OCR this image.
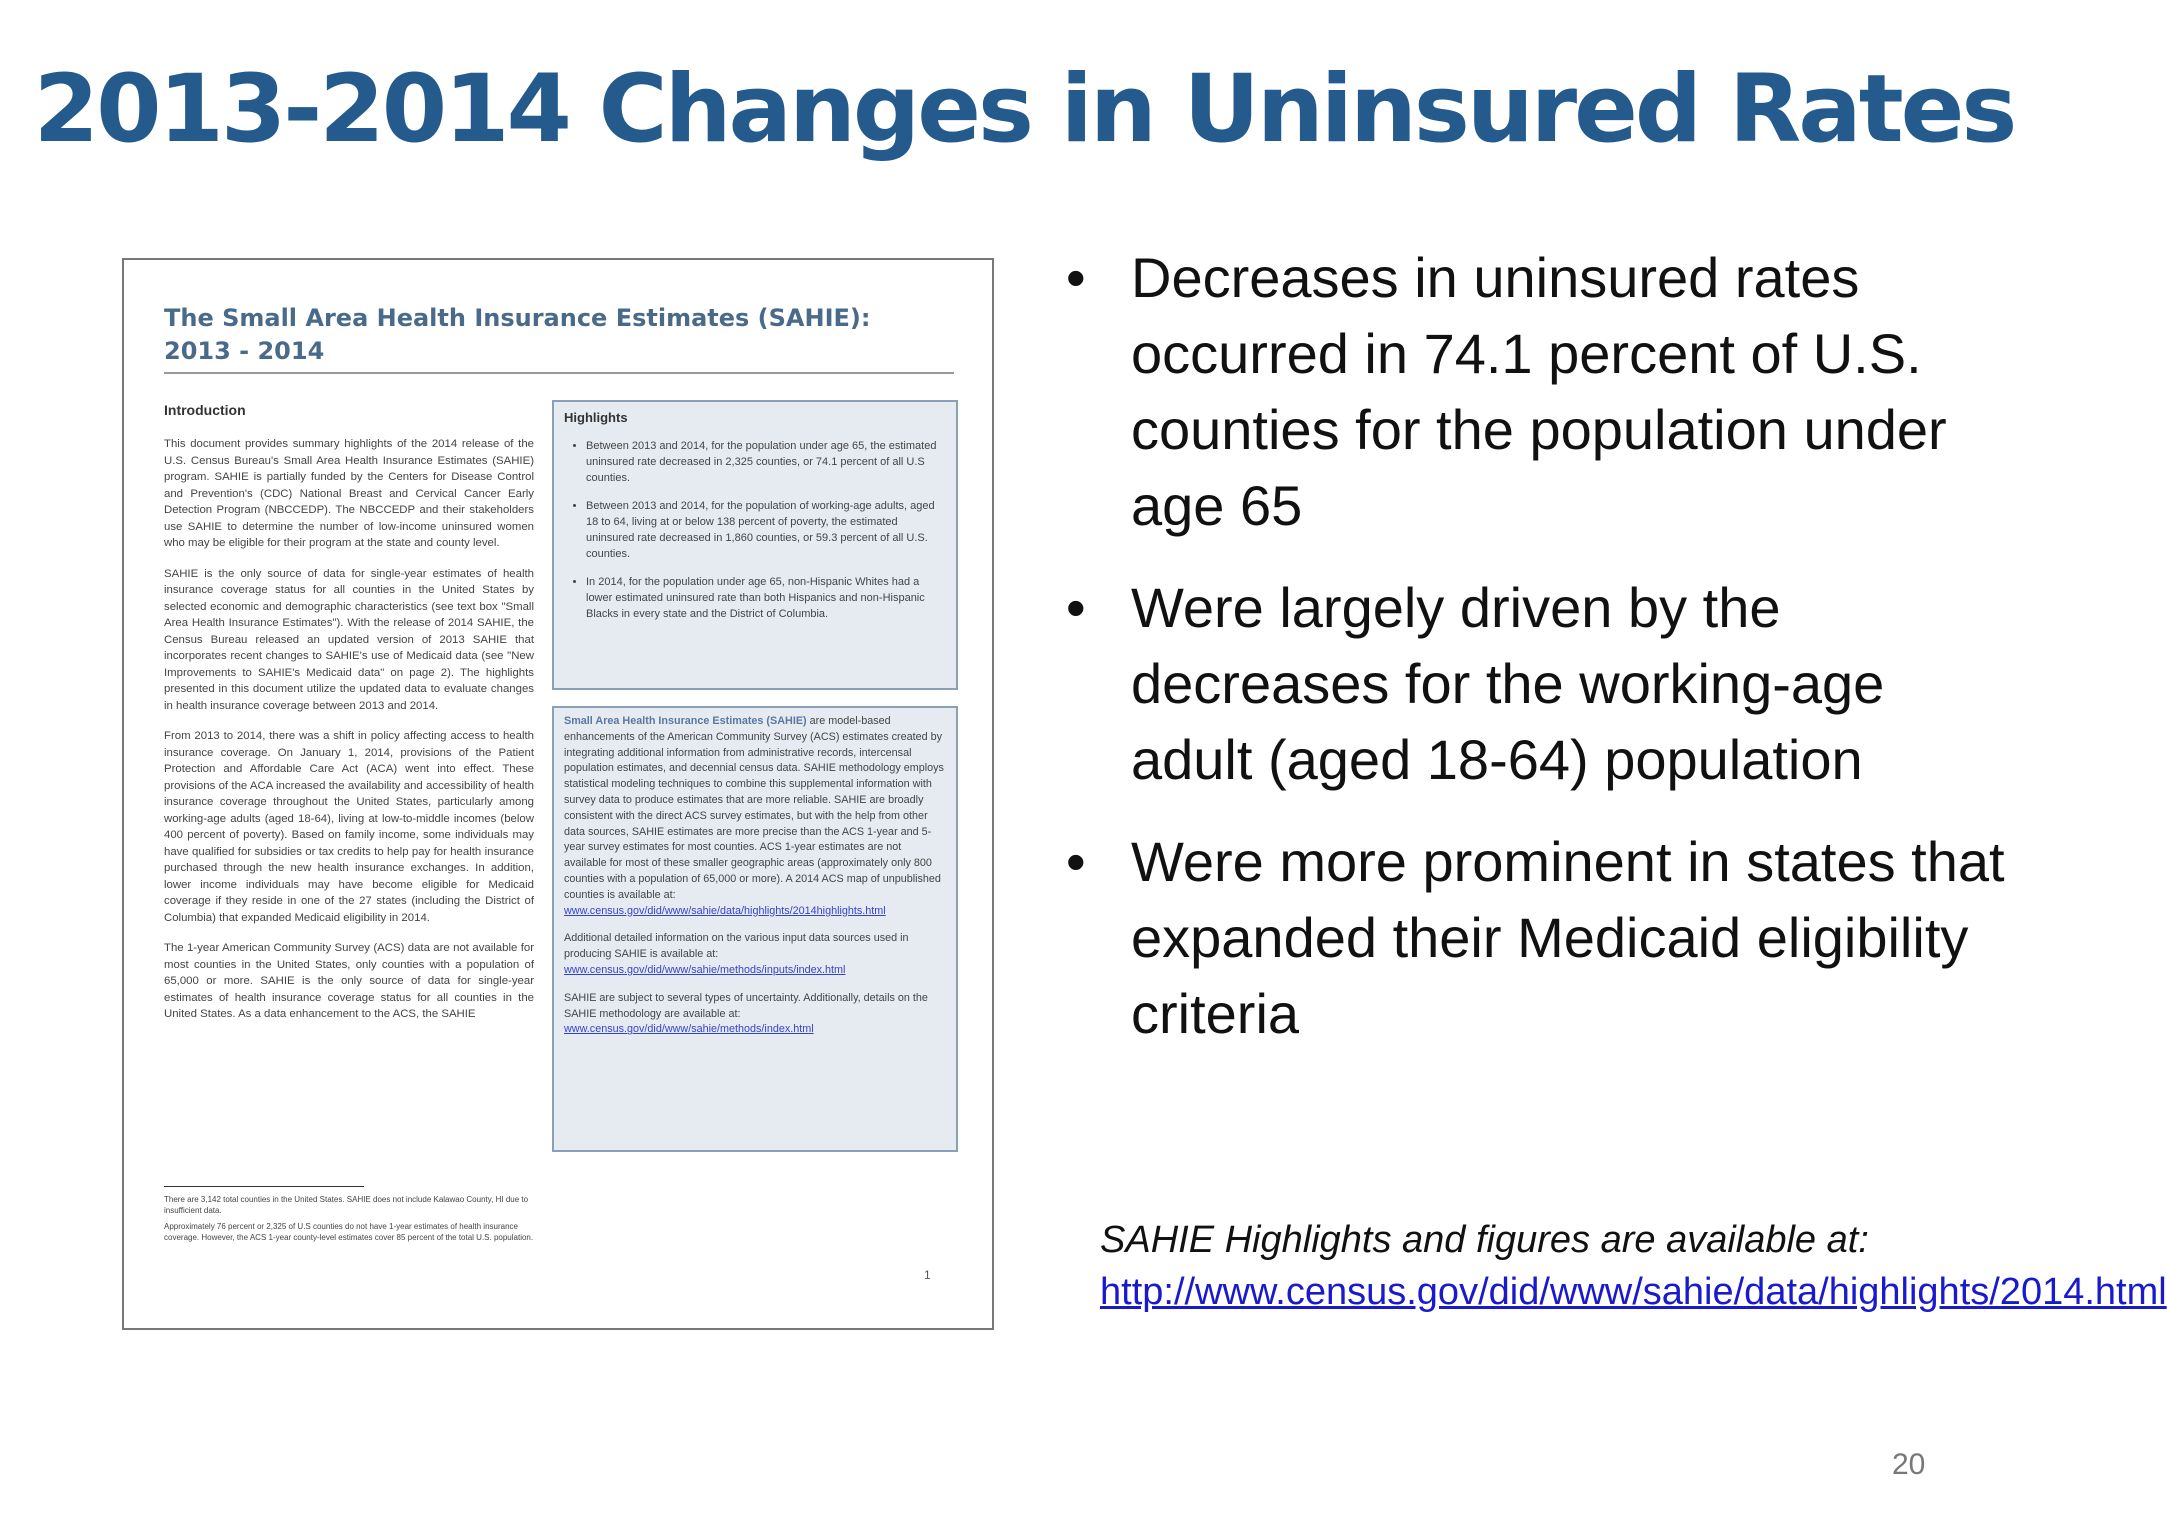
2013-2014 Changes in Uninsured Rates
The Small Area Health Insurance Estimates (SAHIE):
2013 - 2014
Introduction

This document provides summary highlights of the 2014 release of the U.S. Census Bureau's Small Area Health Insurance Estimates (SAHIE) program. SAHIE is partially funded by the Centers for Disease Control and Prevention's (CDC) National Breast and Cervical Cancer Early Detection Program (NBCCEDP). The NBCCEDP and their stakeholders use SAHIE to determine the number of low-income uninsured women who may be eligible for their program at the state and county level.

SAHIE is the only source of data for single-year estimates of health insurance coverage status for all counties in the United States by selected economic and demographic characteristics (see text box "Small Area Health Insurance Estimates"). With the release of 2014 SAHIE, the Census Bureau released an updated version of 2013 SAHIE that incorporates recent changes to SAHIE's use of Medicaid data (see "New Improvements to SAHIE's Medicaid data" on page 2). The highlights presented in this document utilize the updated data to evaluate changes in health insurance coverage between 2013 and 2014.

From 2013 to 2014, there was a shift in policy affecting access to health insurance coverage. On January 1, 2014, provisions of the Patient Protection and Affordable Care Act (ACA) went into effect. These provisions of the ACA increased the availability and accessibility of health insurance coverage throughout the United States, particularly among working-age adults (aged 18-64), living at low-to-middle incomes (below 400 percent of poverty). Based on family income, some individuals may have qualified for subsidies or tax credits to help pay for health insurance purchased through the new health insurance exchanges. In addition, lower income individuals may have become eligible for Medicaid coverage if they reside in one of the 27 states (including the District of Columbia) that expanded Medicaid eligibility in 2014.

The 1-year American Community Survey (ACS) data are not available for most counties in the United States, only counties with a population of 65,000 or more. SAHIE is the only source of data for single-year estimates of health insurance coverage status for all counties in the United States. As a data enhancement to the ACS, the SAHIE

Highlights
• Between 2013 and 2014, for the population under age 65, the estimated uninsured rate decreased in 2,325 counties, or 74.1 percent of all U.S counties.
• Between 2013 and 2014, for the population of working-age adults, aged 18 to 64, living at or below 138 percent of poverty, the estimated uninsured rate decreased in 1,860 counties, or 59.3 percent of all U.S. counties.
• In 2014, for the population under age 65, non-Hispanic Whites had a lower estimated uninsured rate than both Hispanics and non-Hispanic Blacks in every state and the District of Columbia.

Small Area Health Insurance Estimates (SAHIE) are model-based enhancements of the American Community Survey (ACS) estimates created by integrating additional information from administrative records, intercensal population estimates, and decennial census data. SAHIE methodology employs statistical modeling techniques to combine this supplemental information with survey data to produce estimates that are more reliable. SAHIE are broadly consistent with the direct ACS survey estimates, but with the help from other data sources, SAHIE estimates are more precise than the ACS 1-year and 5-year survey estimates for most counties. ACS 1-year estimates are not available for most of these smaller geographic areas (approximately only 800 counties with a population of 65,000 or more). A 2014 ACS map of unpublished counties is available at:
www.census.gov/did/www/sahie/data/highlights/2014highlights.html

Additional detailed information on the various input data sources used in producing SAHIE is available at:
www.census.gov/did/www/sahie/methods/inputs/index.html

SAHIE are subject to several types of uncertainty. Additionally, details on the SAHIE methodology are available at: www.census.gov/did/www/sahie/methods/index.html

There are 3,142 total counties in the United States. SAHIE does not include Kalawao County, HI due to insufficient data.

Approximately 76 percent or 2,325 of U.S counties do not have 1-year estimates of health insurance coverage. However, the ACS 1-year county-level estimates cover 85 percent of the total U.S. population.

1
• Decreases in uninsured rates occurred in 74.1 percent of U.S. counties for the population under age 65
• Were largely driven by the decreases for the working-age adult (aged 18-64) population
• Were more prominent in states that expanded their Medicaid eligibility criteria
SAHIE Highlights and figures are available at: http://www.census.gov/did/www/sahie/data/highlights/2014.html
20
